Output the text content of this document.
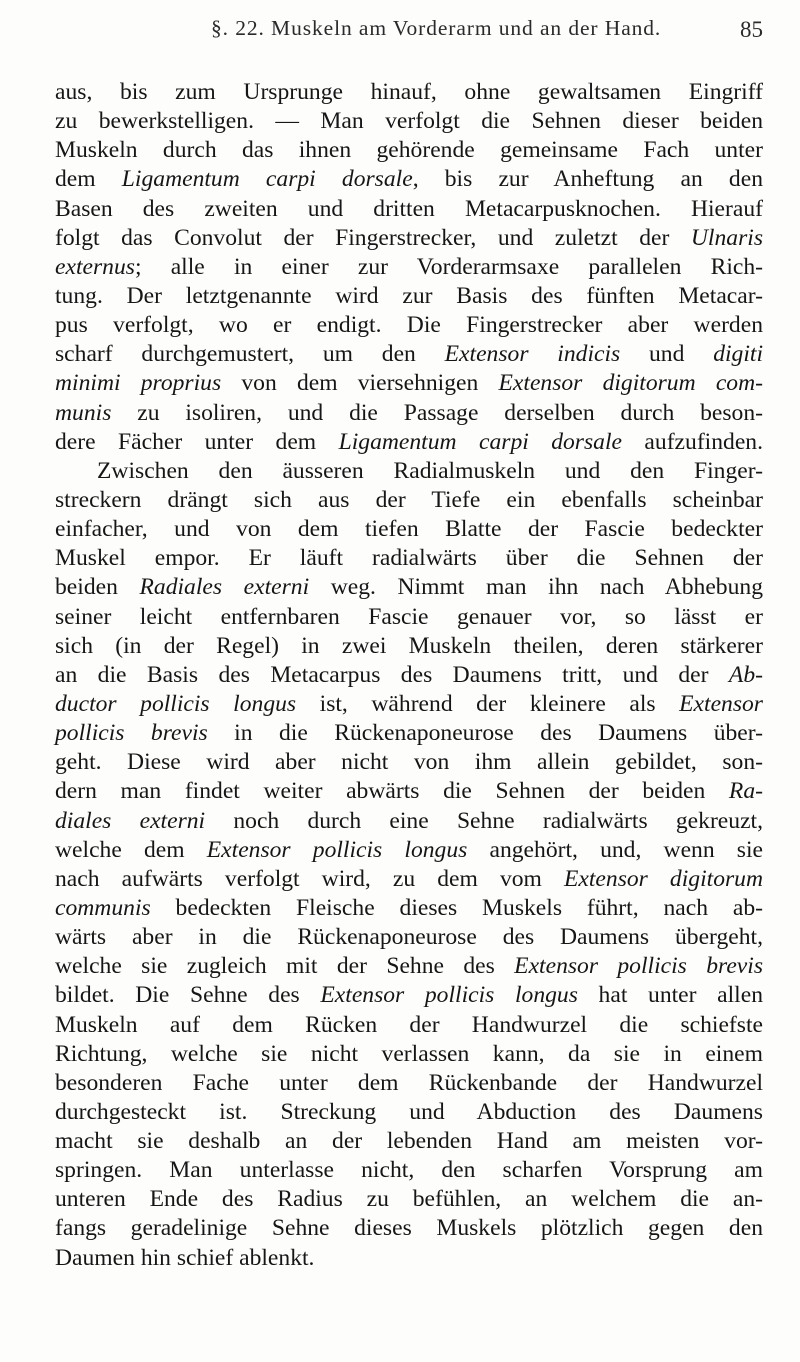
§. 22. Muskeln am Vorderarm und an der Hand.	85
aus, bis zum Ursprunge hinauf, ohne gewaltsamen Eingriff
zu bewerkstelligen. — Man verfolgt die Sehnen dieser beiden
Muskeln durch das ihnen gehörende gemeinsame Fach unter
dem Ligamentum carpi dorsale, bis zur Anheftung an den
Basen des zweiten und dritten Metacarpusknochen. Hierauf
folgt das Convolut der Fingerstrecker, und zuletzt der Ulnaris
externus; alle in einer zur Vorderarmsaxe parallelen Rich-
tung. Der letztgenannte wird zur Basis des fünften Metacar-
pus verfolgt, wo er endigt. Die Fingerstrecker aber werden
scharf durchgemustert, um den Extensor indicis und digiti
minimi proprius von dem viersehnigen Extensor digitorum com-
munis zu isoliren, und die Passage derselben durch beson-
dere Fächer unter dem Ligamentum carpi dorsale aufzufinden.
Zwischen den äusseren Radialmuskeln und den Finger-
streckern drängt sich aus der Tiefe ein ebenfalls scheinbar
einfacher, und von dem tiefen Blatte der Fascie bedeckter
Muskel empor. Er läuft radialwärts über die Sehnen der
beiden Radiales externi weg. Nimmt man ihn nach Abhebung
seiner leicht entfernbaren Fascie genauer vor, so lässt er
sich (in der Regel) in zwei Muskeln theilen, deren stärkerer
an die Basis des Metacarpus des Daumens tritt, und der Ab-
ductor pollicis longus ist, während der kleinere als Extensor
pollicis brevis in die Rückenaponeurose des Daumens über-
geht. Diese wird aber nicht von ihm allein gebildet, son-
dern man findet weiter abwärts die Sehnen der beiden Ra-
diales externi noch durch eine Sehne radialwärts gekreuzt,
welche dem Extensor pollicis longus angehört, und, wenn sie
nach aufwärts verfolgt wird, zu dem vom Extensor digitorum
communis bedeckten Fleische dieses Muskels führt, nach ab-
wärts aber in die Rückenaponeurose des Daumens übergeht,
welche sie zugleich mit der Sehne des Extensor pollicis brevis
bildet. Die Sehne des Extensor pollicis longus hat unter allen
Muskeln auf dem Rücken der Handwurzel die schiefste
Richtung, welche sie nicht verlassen kann, da sie in einem
besonderen Fache unter dem Rückenbande der Handwurzel
durchgesteckt ist. Streckung und Abduction des Daumens
macht sie deshalb an der lebenden Hand am meisten vor-
springen. Man unterlasse nicht, den scharfen Vorsprung am
unteren Ende des Radius zu befühlen, an welchem die an-
fangs geradelinige Sehne dieses Muskels plötzlich gegen den
Daumen hin schief ablenkt.
